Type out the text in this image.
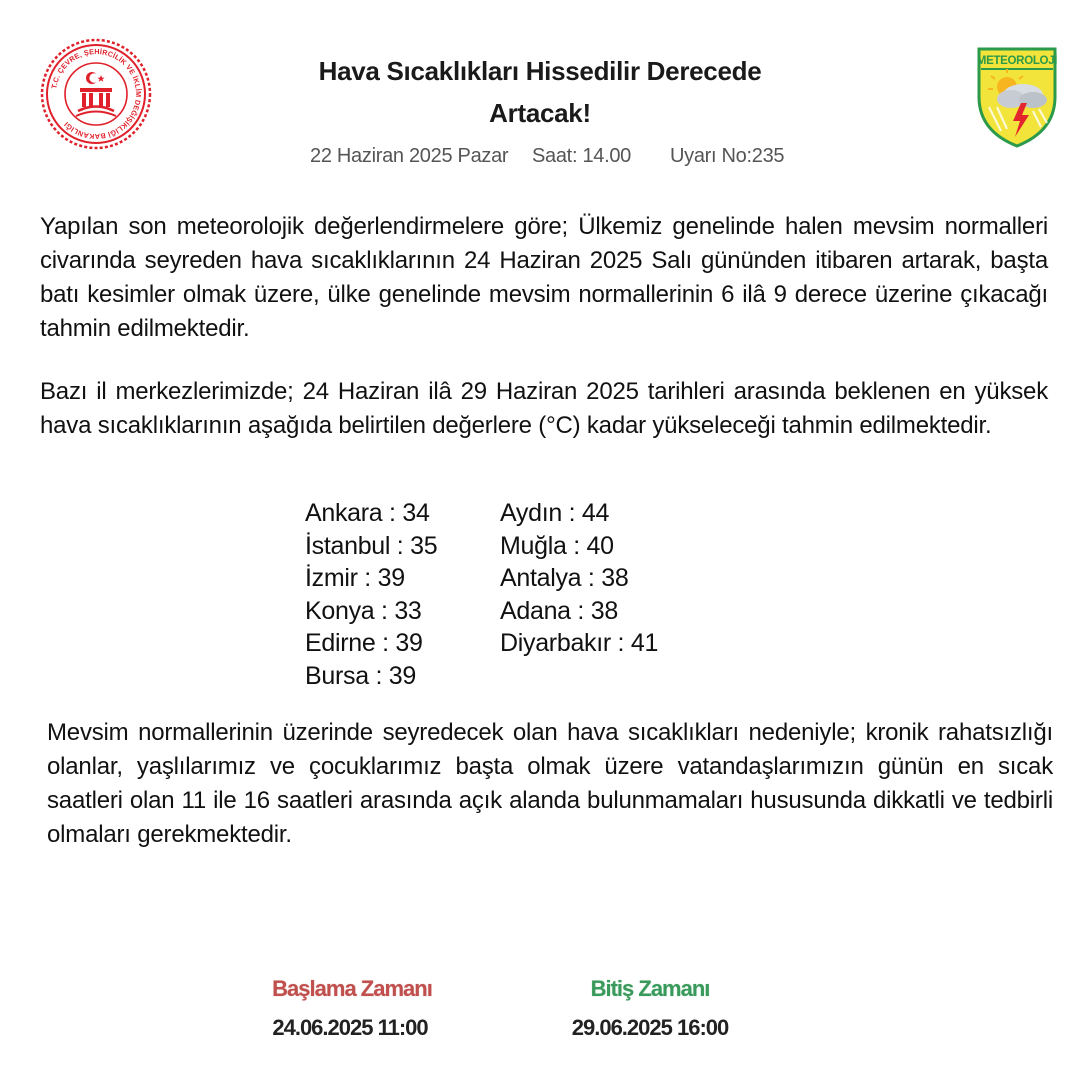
T.C. ÇEVRE, ŞEHİRCİLİK VE İKLİM DEĞİŞİKLİĞİ BAKANLIĞI
METEOROLOJİ
Hava Sıcaklıkları Hissedilir Derecede
Artacak!
22 Haziran 2025 Pazar Saat: 14.00 Uyarı No:235
Yapılan son meteorolojik değerlendirmelere göre; Ülkemiz genelinde halen mevsim normalleri civarında seyreden hava sıcaklıklarının 24 Haziran 2025 Salı gününden itibaren artarak, başta batı kesimler olmak üzere, ülke genelinde mevsim normallerinin 6 ilâ 9 derece üzerine çıkacağı tahmin edilmektedir.
Bazı il merkezlerimizde; 24 Haziran ilâ 29 Haziran 2025 tarihleri arasında beklenen en yüksek hava sıcaklıklarının aşağıda belirtilen değerlere (°C) kadar yükseleceği tahmin edilmektedir.
Ankara : 34
İstanbul : 35
İzmir : 39
Konya : 33
Edirne : 39
Bursa : 39
Aydın : 44
Muğla : 40
Antalya : 38
Adana : 38
Diyarbakır : 41
Mevsim normallerinin üzerinde seyredecek olan hava sıcaklıkları nedeniyle; kronik rahatsızlığı olanlar, yaşlılarımız ve çocuklarımız başta olmak üzere vatandaşlarımızın günün en sıcak saatleri olan 11 ile 16 saatleri arasında açık alanda bulunmamaları hususunda dikkatli ve tedbirli olmaları gerekmektedir.
Başlama Zamanı
24.06.2025 11:00
Bitiş Zamanı
29.06.2025 16:00
